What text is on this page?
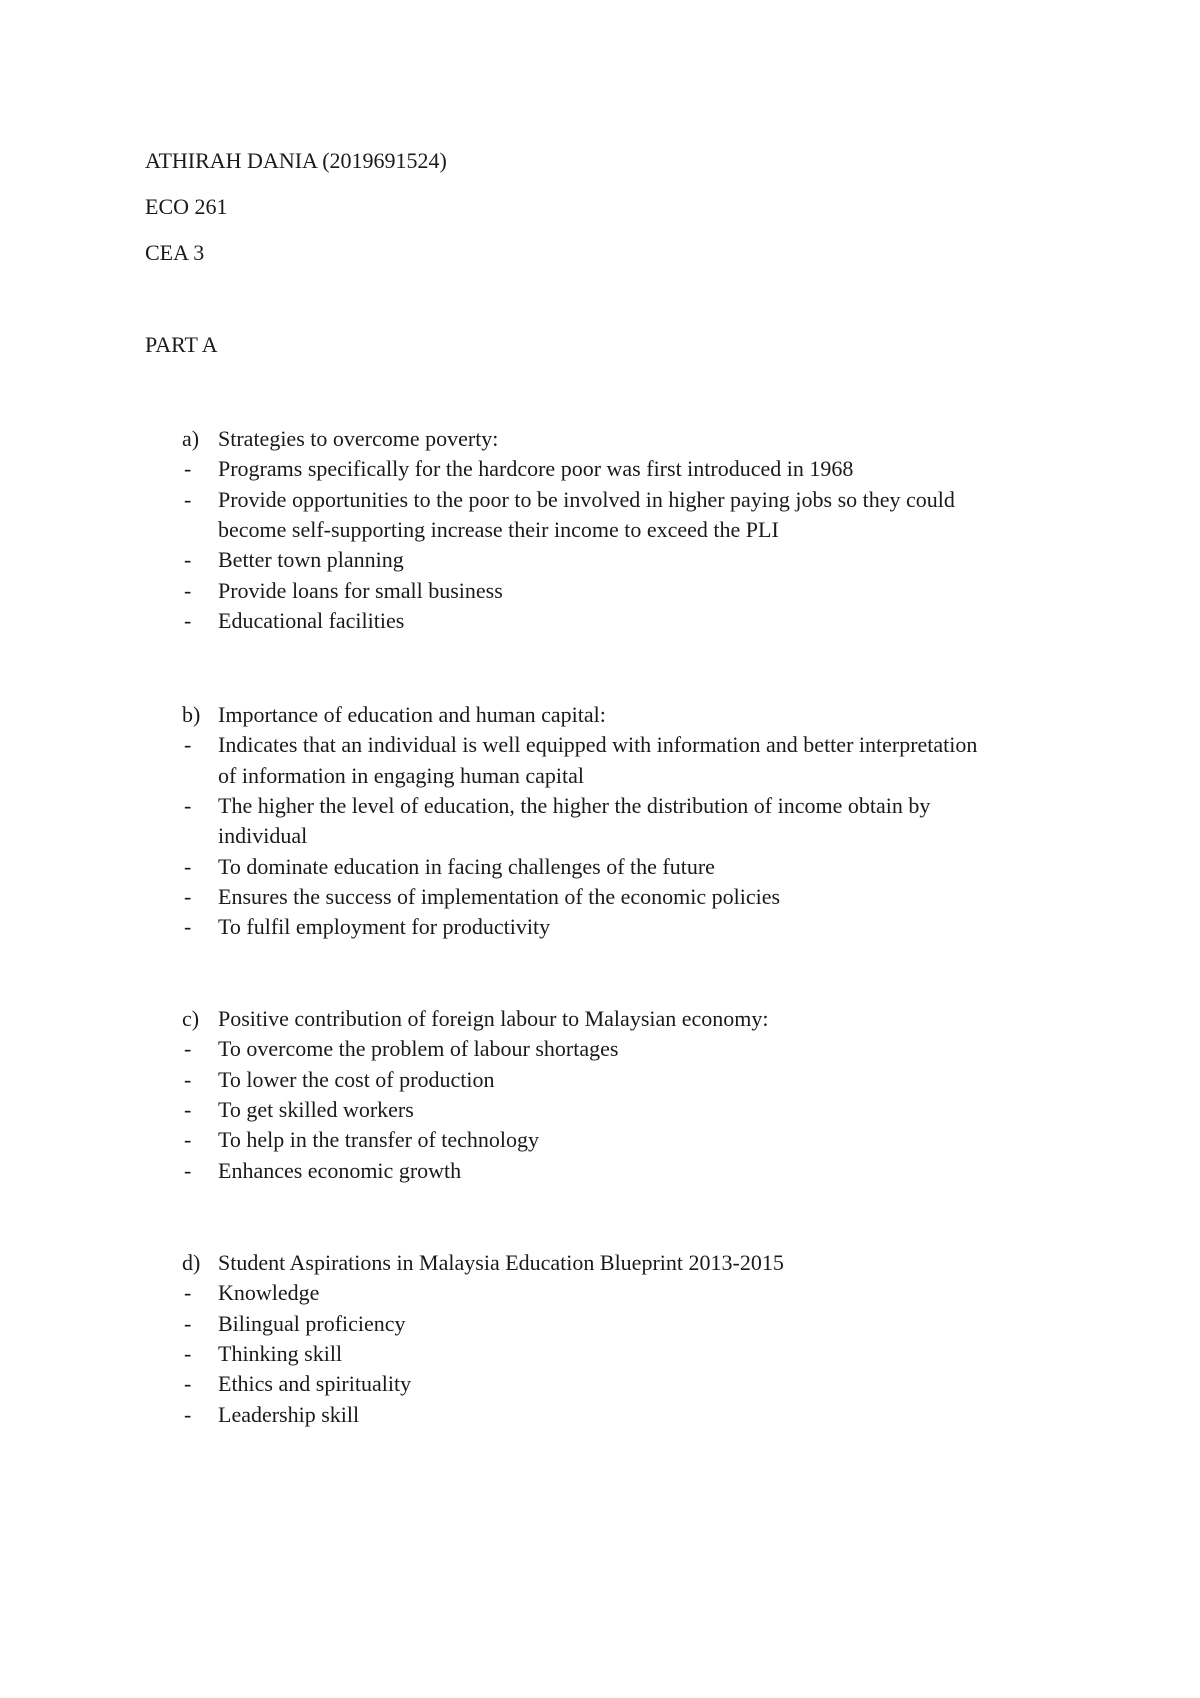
ATHIRAH DANIA (2019691524)
ECO 261
CEA 3
PART A
a) Strategies to overcome poverty:
- Programs specifically for the hardcore poor was first introduced in 1968
- Provide opportunities to the poor to be involved in higher paying jobs so they could
become self-supporting increase their income to exceed the PLI
- Better town planning
- Provide loans for small business
- Educational facilities
b) Importance of education and human capital:
- Indicates that an individual is well equipped with information and better interpretation
of information in engaging human capital
- The higher the level of education, the higher the distribution of income obtain by
individual
- To dominate education in facing challenges of the future
- Ensures the success of implementation of the economic policies
- To fulfil employment for productivity
c) Positive contribution of foreign labour to Malaysian economy:
- To overcome the problem of labour shortages
- To lower the cost of production
- To get skilled workers
- To help in the transfer of technology
- Enhances economic growth
d) Student Aspirations in Malaysia Education Blueprint 2013-2015
- Knowledge
- Bilingual proficiency
- Thinking skill
- Ethics and spirituality
- Leadership skill
